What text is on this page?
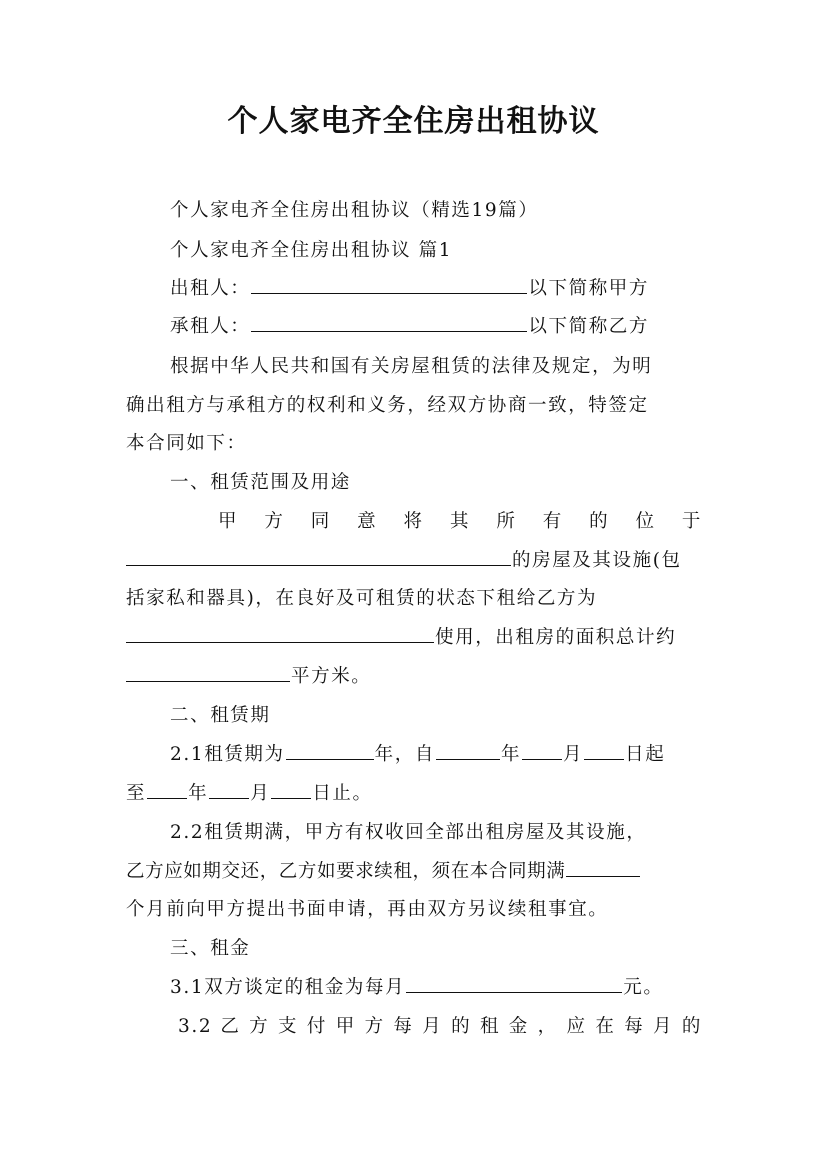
个人家电齐全住房出租协议
个人家电齐全住房出租协议（精选19篇）
个人家电齐全住房出租协议 篇1
出租人：	以下简称甲方
承租人：	以下简称乙方
根据中华人民共和国有关房屋租赁的法律及规定，为明
确出租方与承租方的权利和义务，经双方协商一致，特签定
本合同如下：
一、租赁范围及用途
甲 方 同 意 将 其 所 有 的 位 于
的房屋及其设施(包
括家私和器具)，在良好及可租赁的状态下租给乙方为
使用，出租房的面积总计约
平方米。
二、租赁期
2.1租赁期为	年，自	年 月 日起
至 年 月 日止。
2.2租赁期满，甲方有权收回全部出租房屋及其设施，
乙方应如期交还，乙方如要求续租，须在本合同期满
个月前向甲方提出书面申请，再由双方另议续租事宜。
三、租金
3.1双方谈定的租金为每月	元。
3.2 乙 方 支 付 甲 方 每 月 的 租 金 ， 应 在 每 月 的
